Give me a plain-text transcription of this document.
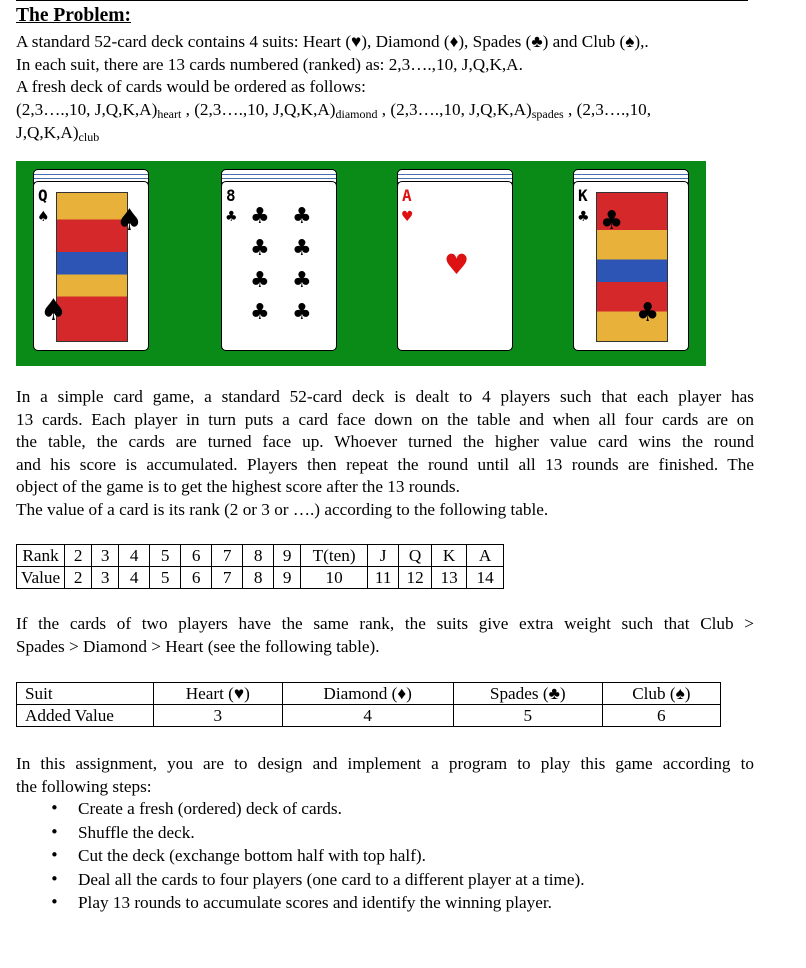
The Problem:
A standard 52-card deck contains 4 suits: Heart (♥), Diamond (♦), Spades (♣) and Club (♠),.
In each suit, there are 13 cards numbered (ranked) as: 2,3….,10, J,Q,K,A.
A fresh deck of cards would be ordered as follows:
(2,3….,10, $J,Q,K,A)_{heart}$ , (2,3….,10, $J,Q,K,A)_{diamond}$ , (2,3….,10, $J,Q,K,A)_{spades}$ , (2,3….,10,
$J,Q,K,A)_{club}$
Q
♠ ♠
♠
8
♣ ♣ ♣
♣ ♣
♣ ♣
♣ ♣
A
♥
♥
K
♣ ♣
♣
In a simple card game, a standard 52-card deck is dealt to 4 players such that each player has
13 cards. Each player in turn puts a card face down on the table and when all four cards are on
the table, the cards are turned face up. Whoever turned the higher value card wins the round
and his score is accumulated. Players then repeat the round until all 13 rounds are finished. The
object of the game is to get the highest score after the 13 rounds.
The value of a card is its rank (2 or 3 or ….) according to the following table.
Rank	2	3	4	5	6	7	8	9	T(ten)	J	Q	K	A
Value	2	3	4	5	6	7	8	9	10	11	12	13	14
If the cards of two players have the same rank, the suits give extra weight such that Club >
Spades > Diamond > Heart (see the following table).
Suit	Heart (♥)	Diamond (♦)	Spades (♣)	Club (♠)
Added Value	3	4	5	6
In this assignment, you are to design and implement a program to play this game according to
the following steps:
• Create a fresh (ordered) deck of cards.
• Shuffle the deck.
• Cut the deck (exchange bottom half with top half).
• Deal all the cards to four players (one card to a different player at a time).
• Play 13 rounds to accumulate scores and identify the winning player.
